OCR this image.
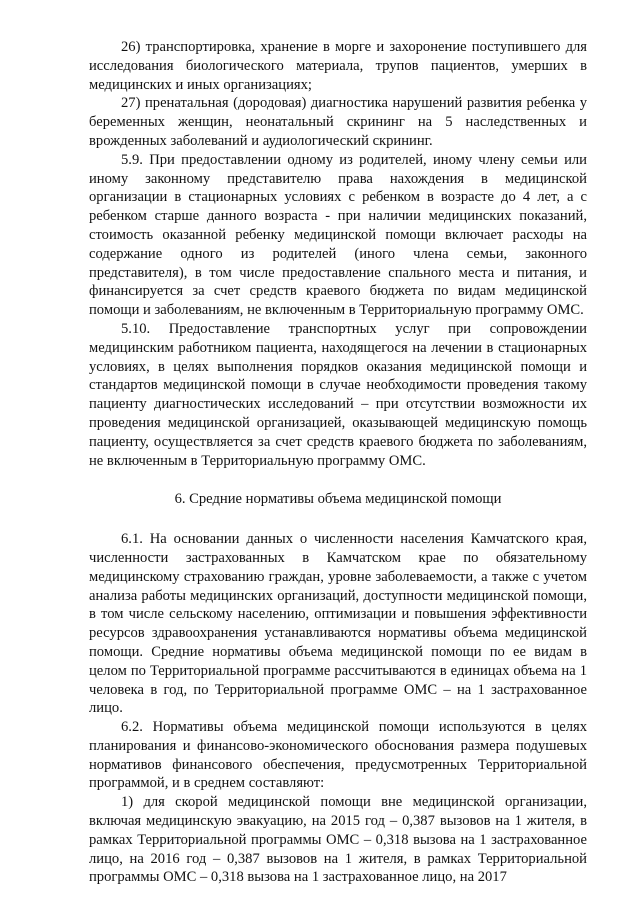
26) транспортировка, хранение в морге и захоронение поступившего для исследования биологического материала, трупов пациентов, умерших в медицинских и иных организациях;

27) пренатальная (дородовая) диагностика нарушений развития ребенка у беременных женщин, неонатальный скрининг на 5 наследственных и врожденных заболеваний и аудиологический скрининг.

5.9. При предоставлении одному из родителей, иному члену семьи или иному законному представителю права нахождения в медицинской организации в стационарных условиях с ребенком в возрасте до 4 лет, а с ребенком старше данного возраста - при наличии медицинских показаний, стоимость оказанной ребенку медицинской помощи включает расходы на содержание одного из родителей (иного члена семьи, законного представителя), в том числе предоставление спального места и питания, и финансируется за счет средств краевого бюджета по видам медицинской помощи и заболеваниям, не включенным в Территориальную программу ОМС.

5.10. Предоставление транспортных услуг при сопровождении медицинским работником пациента, находящегося на лечении в стационарных условиях, в целях выполнения порядков оказания медицинской помощи и стандартов медицинской помощи в случае необходимости проведения такому пациенту диагностических исследований – при отсутствии возможности их проведения медицинской организацией, оказывающей медицинскую помощь пациенту, осуществляется за счет средств краевого бюджета по заболеваниям, не включенным в Территориальную программу ОМС.

6. Средние нормативы объема медицинской помощи

6.1. На основании данных о численности населения Камчатского края, численности застрахованных в Камчатском крае по обязательному медицинскому страхованию граждан, уровне заболеваемости, а также с учетом анализа работы медицинских организаций, доступности медицинской помощи, в том числе сельскому населению, оптимизации и повышения эффективности ресурсов здравоохранения устанавливаются нормативы объема медицинской помощи. Средние нормативы объема медицинской помощи по ее видам в целом по Территориальной программе рассчитываются в единицах объема на 1 человека в год, по Территориальной программе ОМС – на 1 застрахованное лицо.

6.2. Нормативы объема медицинской помощи используются в целях планирования и финансово-экономического обоснования размера подушевых нормативов финансового обеспечения, предусмотренных Территориальной программой, и в среднем составляют:

1) для скорой медицинской помощи вне медицинской организации, включая медицинскую эвакуацию, на 2015 год – 0,387 вызовов на 1 жителя, в рамках Территориальной программы ОМС – 0,318 вызова на 1 застрахованное лицо, на 2016 год – 0,387 вызовов на 1 жителя, в рамках Территориальной программы ОМС – 0,318 вызова на 1 застрахованное лицо, на 2017
